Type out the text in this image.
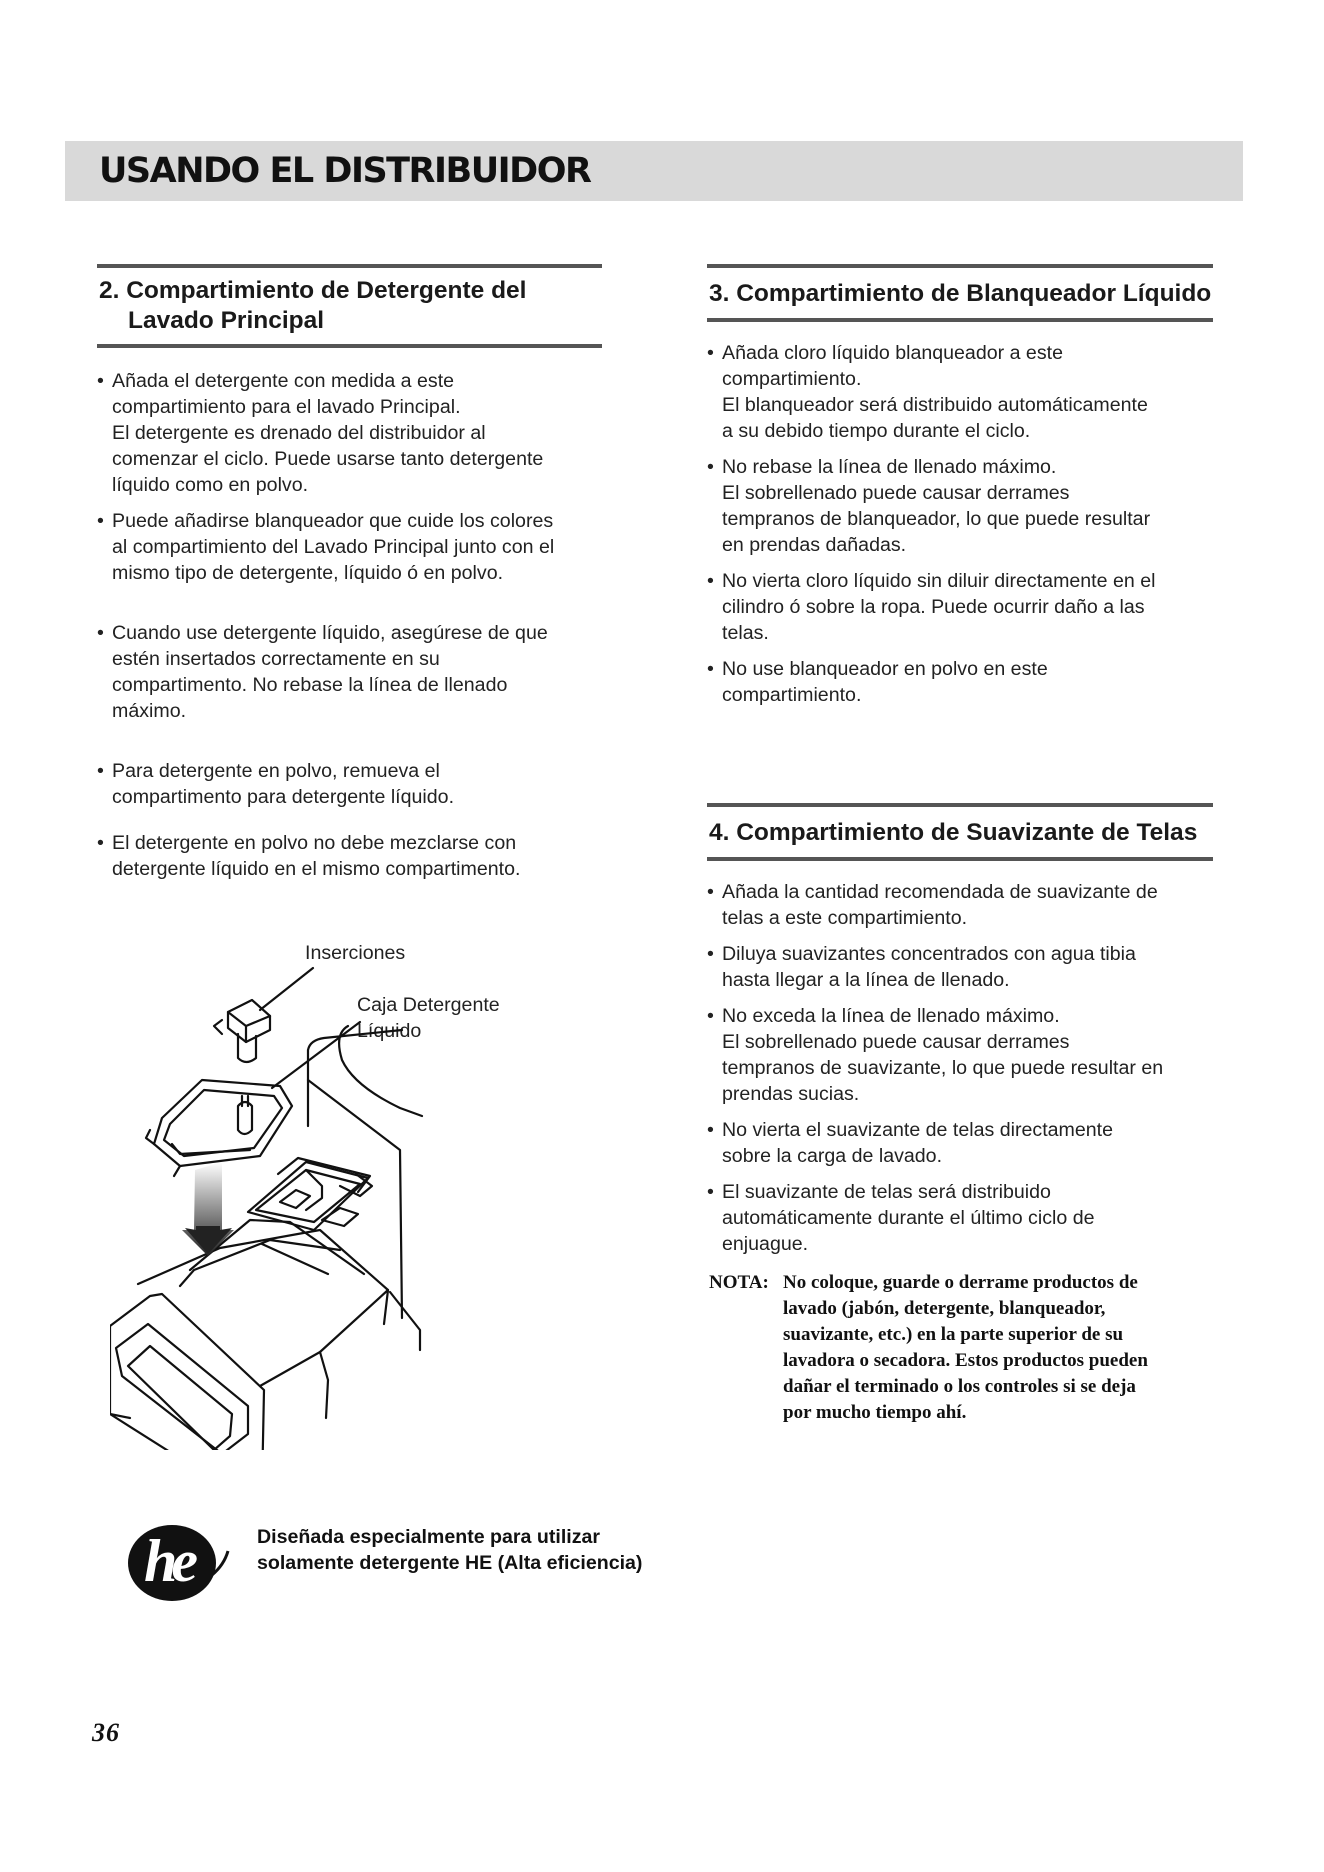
USANDO EL DISTRIBUIDOR
2. Compartimiento de Detergente del Lavado Principal
• Añada el detergente con medida a este
compartimiento para el lavado Principal.
El detergente es drenado del distribuidor al
comenzar el ciclo. Puede usarse tanto detergente
líquido como en polvo.
• Puede añadirse blanqueador que cuide los colores
al compartimiento del Lavado Principal junto con el
mismo tipo de detergente, líquido ó en polvo.
• Cuando use detergente líquido, asegúrese de que
estén insertados correctamente en su
compartimento. No rebase la línea de llenado
máximo.
• Para detergente en polvo, remueva el
compartimento para detergente líquido.
• El detergente en polvo no debe mezclarse con
detergente líquido en el mismo compartimento.
Inserciones
Caja Detergente
Líquido
3. Compartimiento de Blanqueador Líquido
• Añada cloro líquido blanqueador a este
compartimiento.
El blanqueador será distribuido automáticamente
a su debido tiempo durante el ciclo.
• No rebase la línea de llenado máximo.
El sobrellenado puede causar derrames
tempranos de blanqueador, lo que puede resultar
en prendas dañadas.
• No vierta cloro líquido sin diluir directamente en el
cilindro ó sobre la ropa. Puede ocurrir daño a las
telas.
• No use blanqueador en polvo en este
compartimiento.
4. Compartimiento de Suavizante de Telas
• Añada la cantidad recomendada de suavizante de
telas a este compartimiento.
• Diluya suavizantes concentrados con agua tibia
hasta llegar a la línea de llenado.
• No exceda la línea de llenado máximo.
El sobrellenado puede causar derrames
tempranos de suavizante, lo que puede resultar en
prendas sucias.
• No vierta el suavizante de telas directamente
sobre la carga de lavado.
• El suavizante de telas será distribuido
automáticamente durante el último ciclo de
enjuague.
NOTA: No coloque, guarde o derrame productos de
lavado (jabón, detergente, blanqueador,
suavizante, etc.) en la parte superior de su
lavadora o secadora. Estos productos pueden
dañar el terminado o los controles si se deja
por mucho tiempo ahí.
he	Diseñada especialmente para utilizar
solamente detergente HE (Alta eficiencia)
36
